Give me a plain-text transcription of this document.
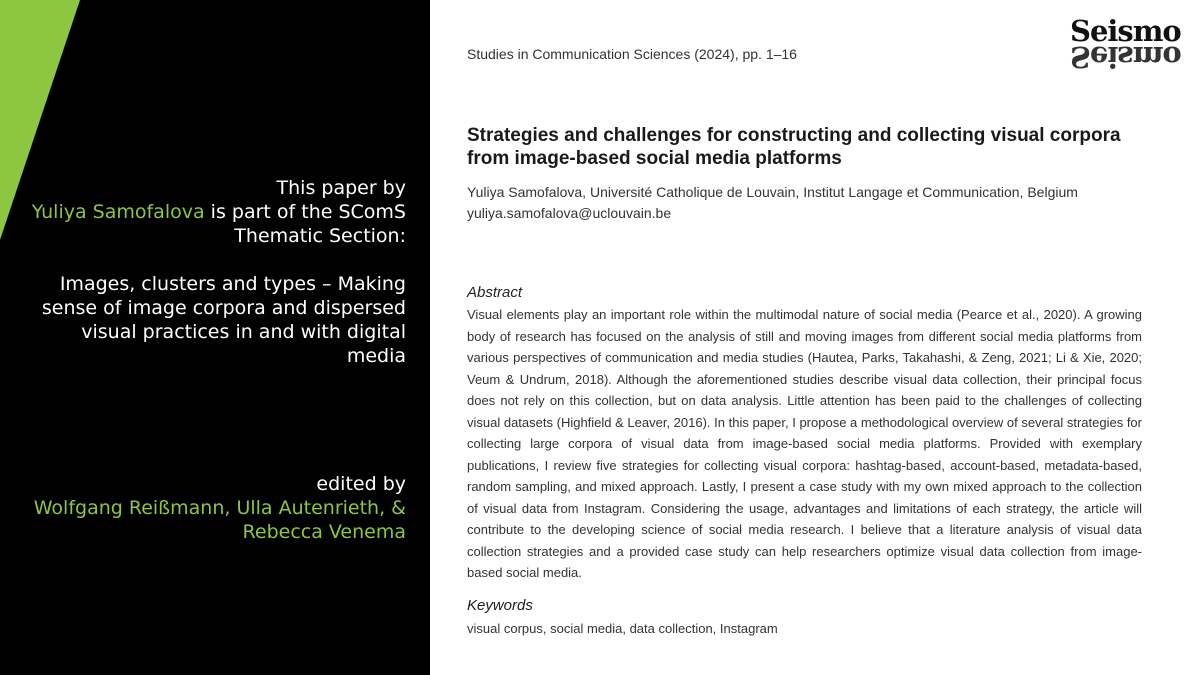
This paper by
Yuliya Samofalova is part of the SComS Thematic Section:

Images, clusters and types – Making sense of image corpora and dispersed visual practices in and with digital media

edited by

Wolfgang Reißmann, Ulla Autenrieth, & Rebecca Venema

Studies in Communication Sciences (2024), pp. 1–16
Seismo
Seismo
Strategies and challenges for constructing and collecting visual corpora from image-based social media platforms
Yuliya Samofalova, Université Catholique de Louvain, Institut Langage et Communication, Belgium
yuliya.samofalova@uclouvain.be
Abstract

Visual elements play an important role within the multimodal nature of social media (Pearce et al., 2020). A growing body of research has focused on the analysis of still and moving images from different social media platforms from various perspectives of communication and media studies (Hautea, Parks, Takahashi, & Zeng, 2021; Li & Xie, 2020; Veum & Undrum, 2018). Although the aforementioned studies describe visual data collection, their principal focus does not rely on this collection, but on data analysis. Little attention has been paid to the challenges of collecting visual datasets (Highfield & Leaver, 2016). In this paper, I propose a methodological overview of several strategies for collecting large corpora of visual data from image-based social media platforms. Provided with exemplary publications, I review five strategies for collecting visual corpora: hashtag-based, account-based, metadata-based, random sampling, and mixed approach. Lastly, I present a case study with my own mixed approach to the collection of visual data from Instagram. Considering the usage, advantages and limitations of each strategy, the article will contribute to the developing science of social media research. I believe that a literature analysis of visual data collection strategies and a provided case study can help researchers optimize visual data collection from image-based social media.

Keywords
visual corpus, social media, data collection, Instagram
